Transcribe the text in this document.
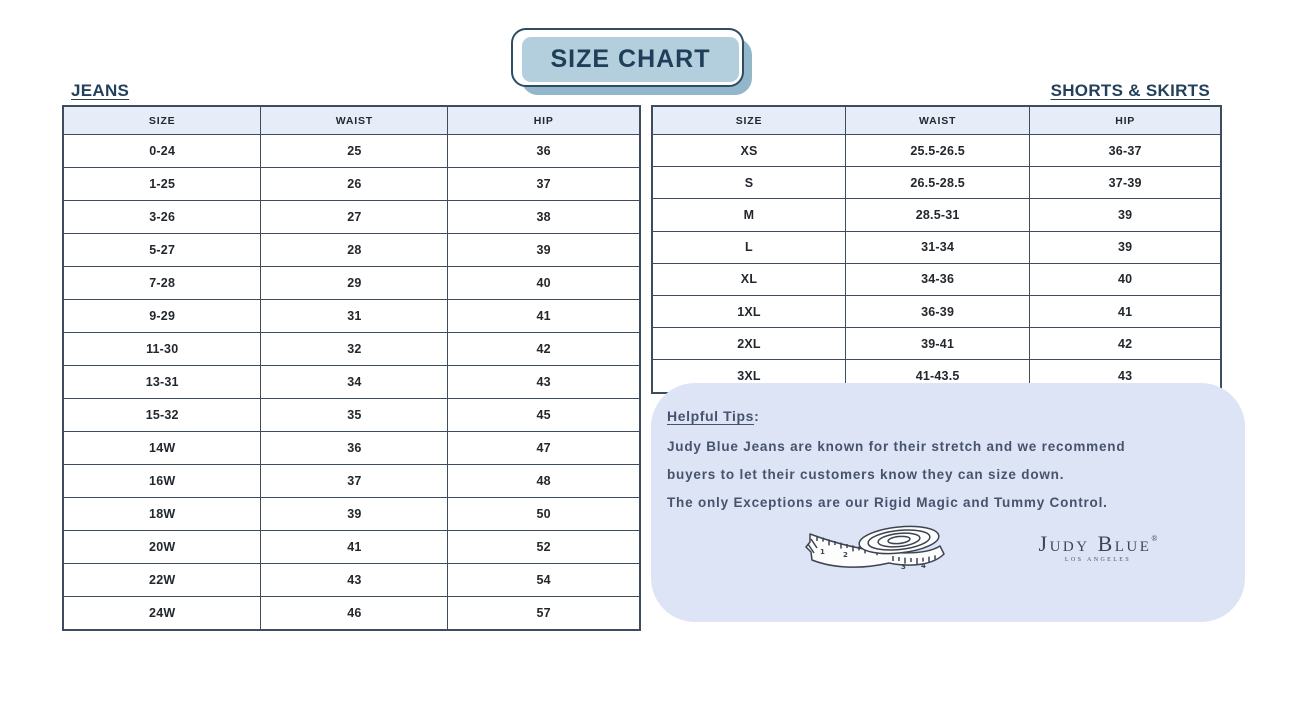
SIZE CHART
JEANS
SIZE	WAIST	HIP
0-24	25	36
1-25	26	37
3-26	27	38
5-27	28	39
7-28	29	40
9-29	31	41
11-30	32	42
13-31	34	43
15-32	35	45
14W	36	47
16W	37	48
18W	39	50
20W	41	52
22W	43	54
24W	46	57
SHORTS & SKIRTS
SIZE	WAIST	HIP
XS	25.5-26.5	36-37
S	26.5-28.5	37-39
M	28.5-31	39
L	31-34	39
XL	34-36	40
1XL	36-39	41
2XL	39-41	42
3XL	41-43.5	43

Helpful Tips:

Judy Blue Jeans are known for their stretch and we recommend

buyers to let their customers know they can size down.

The only Exceptions are our Rigid Magic and Tummy Control.

1	2
3 4
Judy Blue®
LOS ANGELES
